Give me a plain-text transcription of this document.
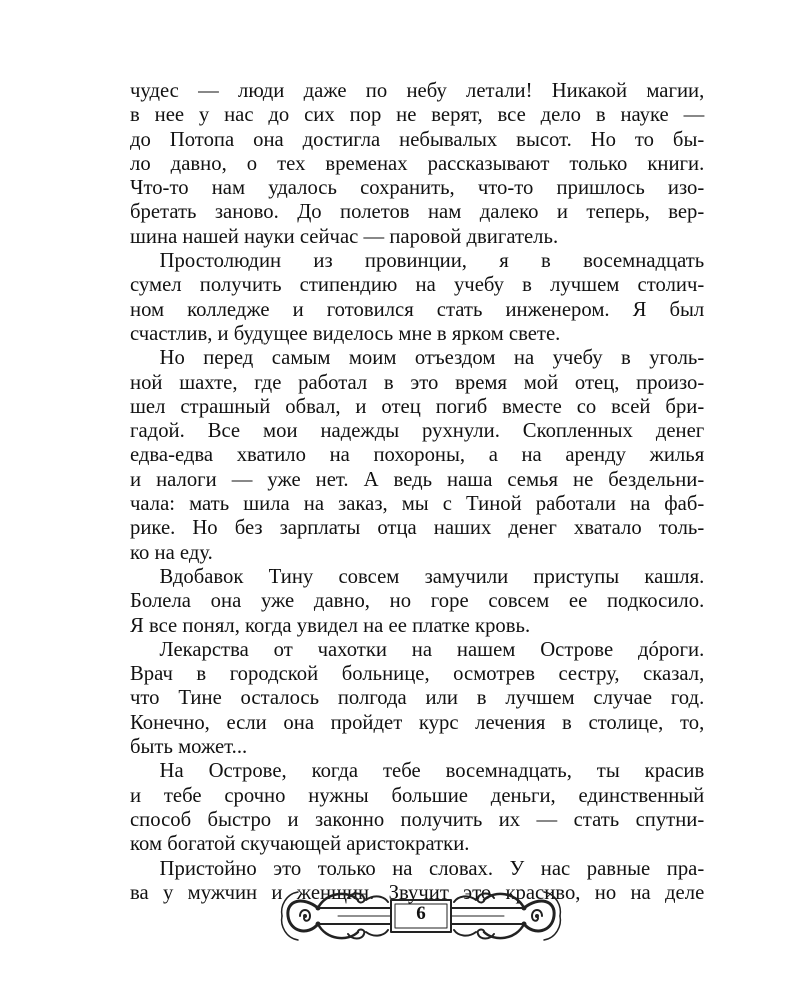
чудес — люди даже по небу летали! Никакой магии,
в нее у нас до сих пор не верят, все дело в науке —
до Потопа она достигла небывалых высот. Но то бы-
ло давно, о тех временах рассказывают только книги.
Что-то нам удалось сохранить, что-то пришлось изо-
бретать заново. До полетов нам далеко и теперь, вер-
шина нашей науки сейчас — паровой двигатель.
Простолюдин из провинции, я в восемнадцать
сумел получить стипендию на учебу в лучшем столич-
ном колледже и готовился стать инженером. Я был
счастлив, и будущее виделось мне в ярком свете.
Но перед самым моим отъездом на учебу в уголь-
ной шахте, где работал в это время мой отец, произо-
шел страшный обвал, и отец погиб вместе со всей бри-
гадой. Все мои надежды рухнули. Скопленных денег
едва-едва хватило на похороны, а на аренду жилья
и налоги — уже нет. А ведь наша семья не бездельни-
чала: мать шила на заказ, мы с Тиной работали на фаб-
рике. Но без зарплаты отца наших денег хватало толь-
ко на еду.
Вдобавок Тину совсем замучили приступы кашля.
Болела она уже давно, но горе совсем ее подкосило.
Я все понял, когда увидел на ее платке кровь.
Лекарства от чахотки на нашем Острове дóроги.
Врач в городской больнице, осмотрев сестру, сказал,
что Тине осталось полгода или в лучшем случае год.
Конечно, если она пройдет курс лечения в столице, то,
быть может...
На Острове, когда тебе восемнадцать, ты красив
и тебе срочно нужны большие деньги, единственный
способ быстро и законно получить их — стать спутни-
ком богатой скучающей аристократки.
Пристойно это только на словах. У нас равные пра-
ва у мужчин и женщин. Звучит это красиво, но на деле
6
